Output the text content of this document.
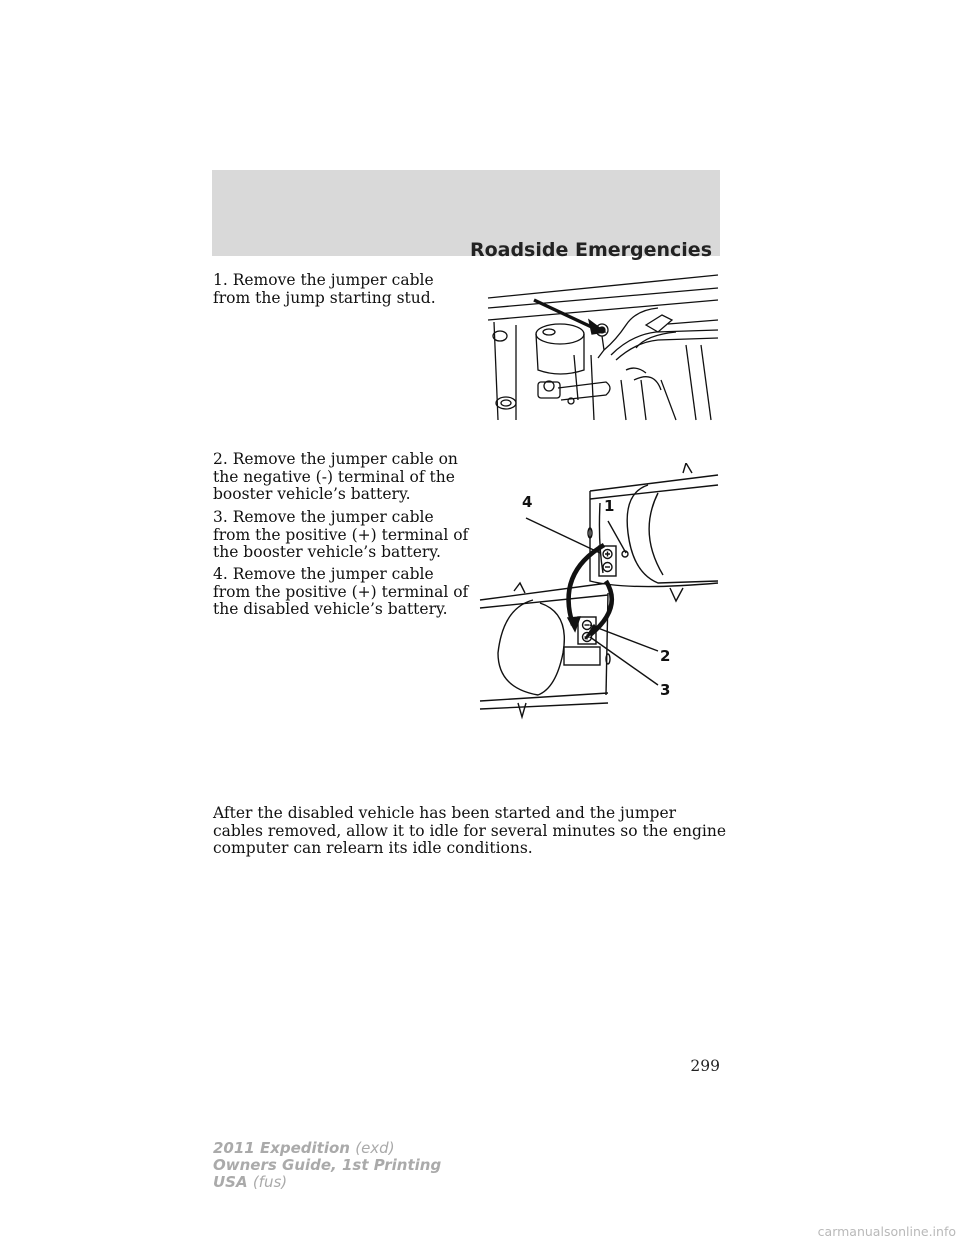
Roadside Emergencies
1. Remove the jumper cable from the jump starting stud.
2. Remove the jumper cable on the negative (-) terminal of the booster vehicle’s battery.
3. Remove the jumper cable from the positive (+) terminal of the booster vehicle’s battery.
4. Remove the jumper cable from the positive (+) terminal of the disabled vehicle’s battery.
4	1
2
3
After the disabled vehicle has been started and the jumper cables removed, allow it to idle for several minutes so the engine computer can relearn its idle conditions.
299
2011 Expedition (exd)
Owners Guide, 1st Printing
USA (fus)
carmanualsonline.info
